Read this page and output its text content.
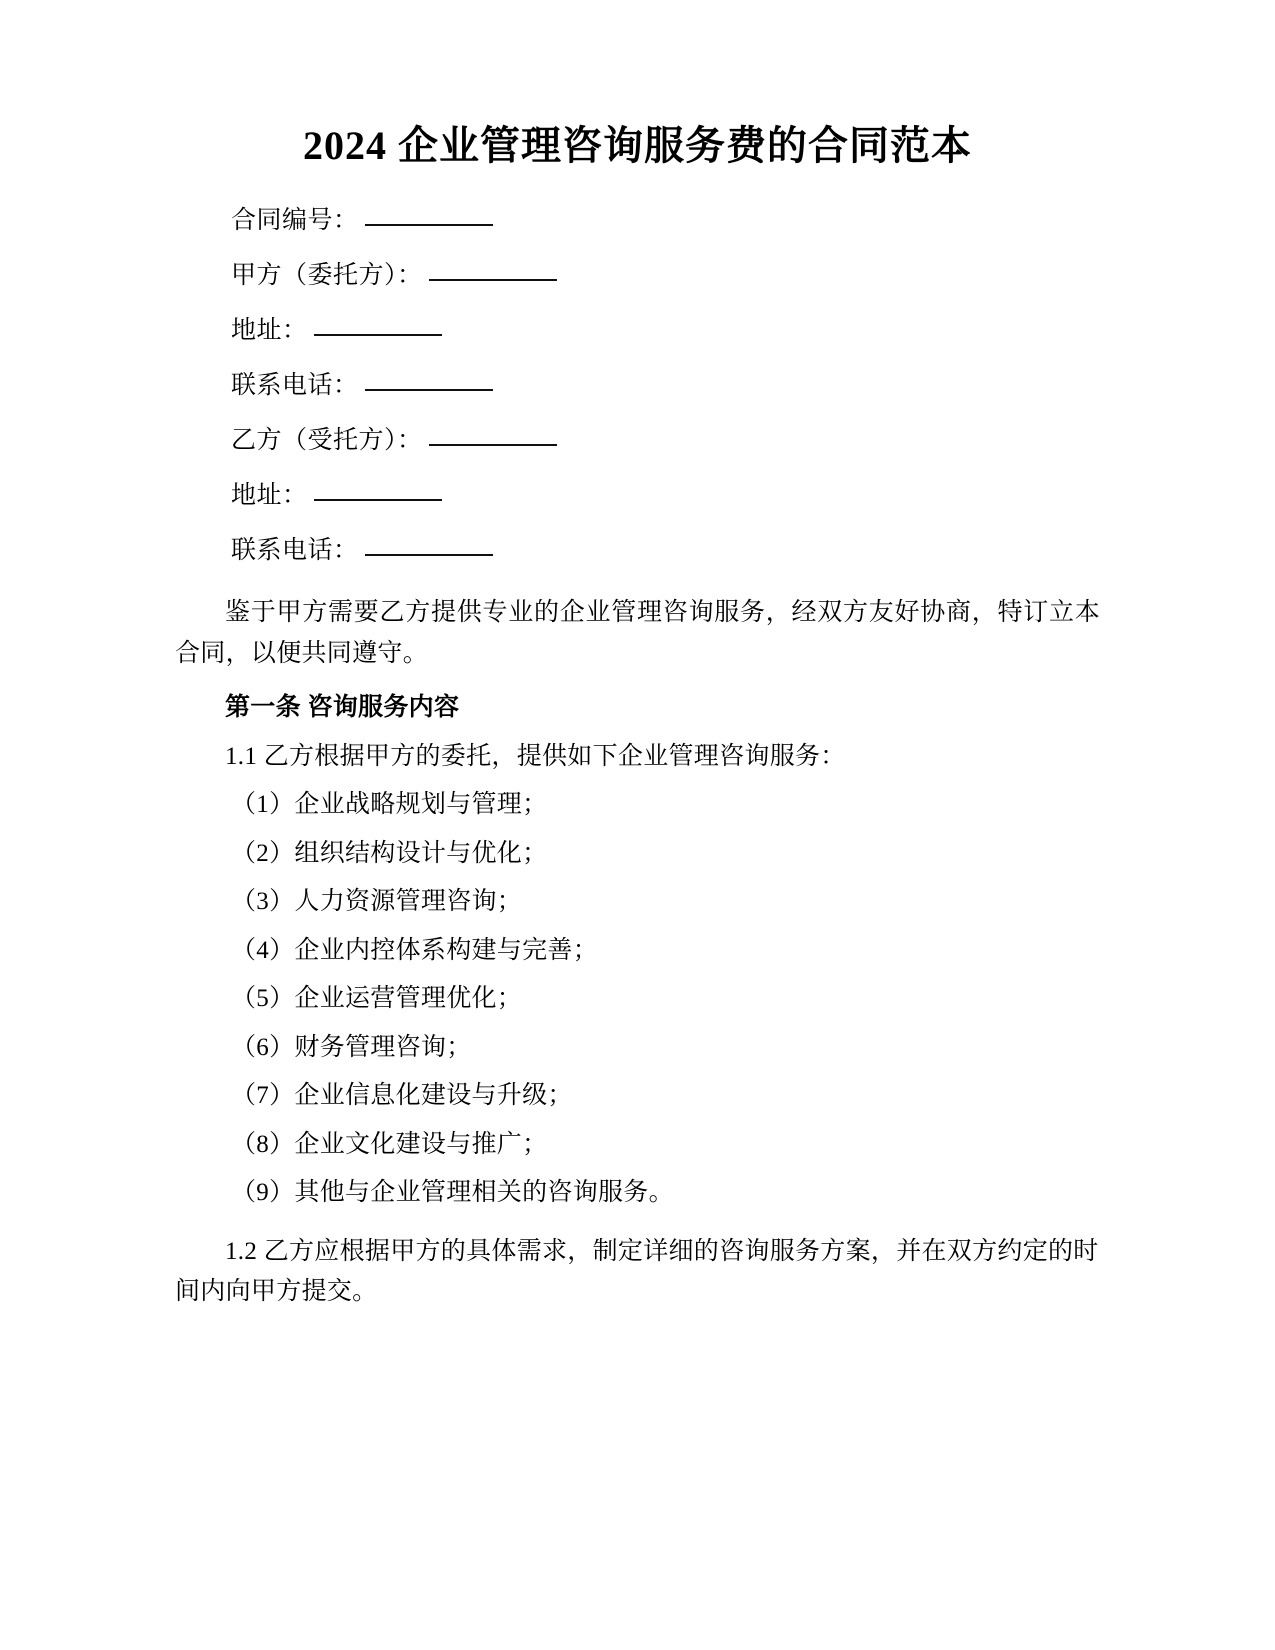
2024 企业管理咨询服务费的合同范本
合同编号：
甲方（委托方）：
地址：
联系电话：
乙方（受托方）：
地址：
联系电话：

鉴于甲方需要乙方提供专业的企业管理咨询服务，经双方友好协商，特订立本合同，以便共同遵守。

第一条 咨询服务内容

1.1 乙方根据甲方的委托，提供如下企业管理咨询服务：

（1）企业战略规划与管理；

（2）组织结构设计与优化；

（3）人力资源管理咨询；

（4）企业内控体系构建与完善；

（5）企业运营管理优化；

（6）财务管理咨询；

（7）企业信息化建设与升级；

（8）企业文化建设与推广；

（9）其他与企业管理相关的咨询服务。

1.2 乙方应根据甲方的具体需求，制定详细的咨询服务方案，并在双方约定的时间内向甲方提交。
